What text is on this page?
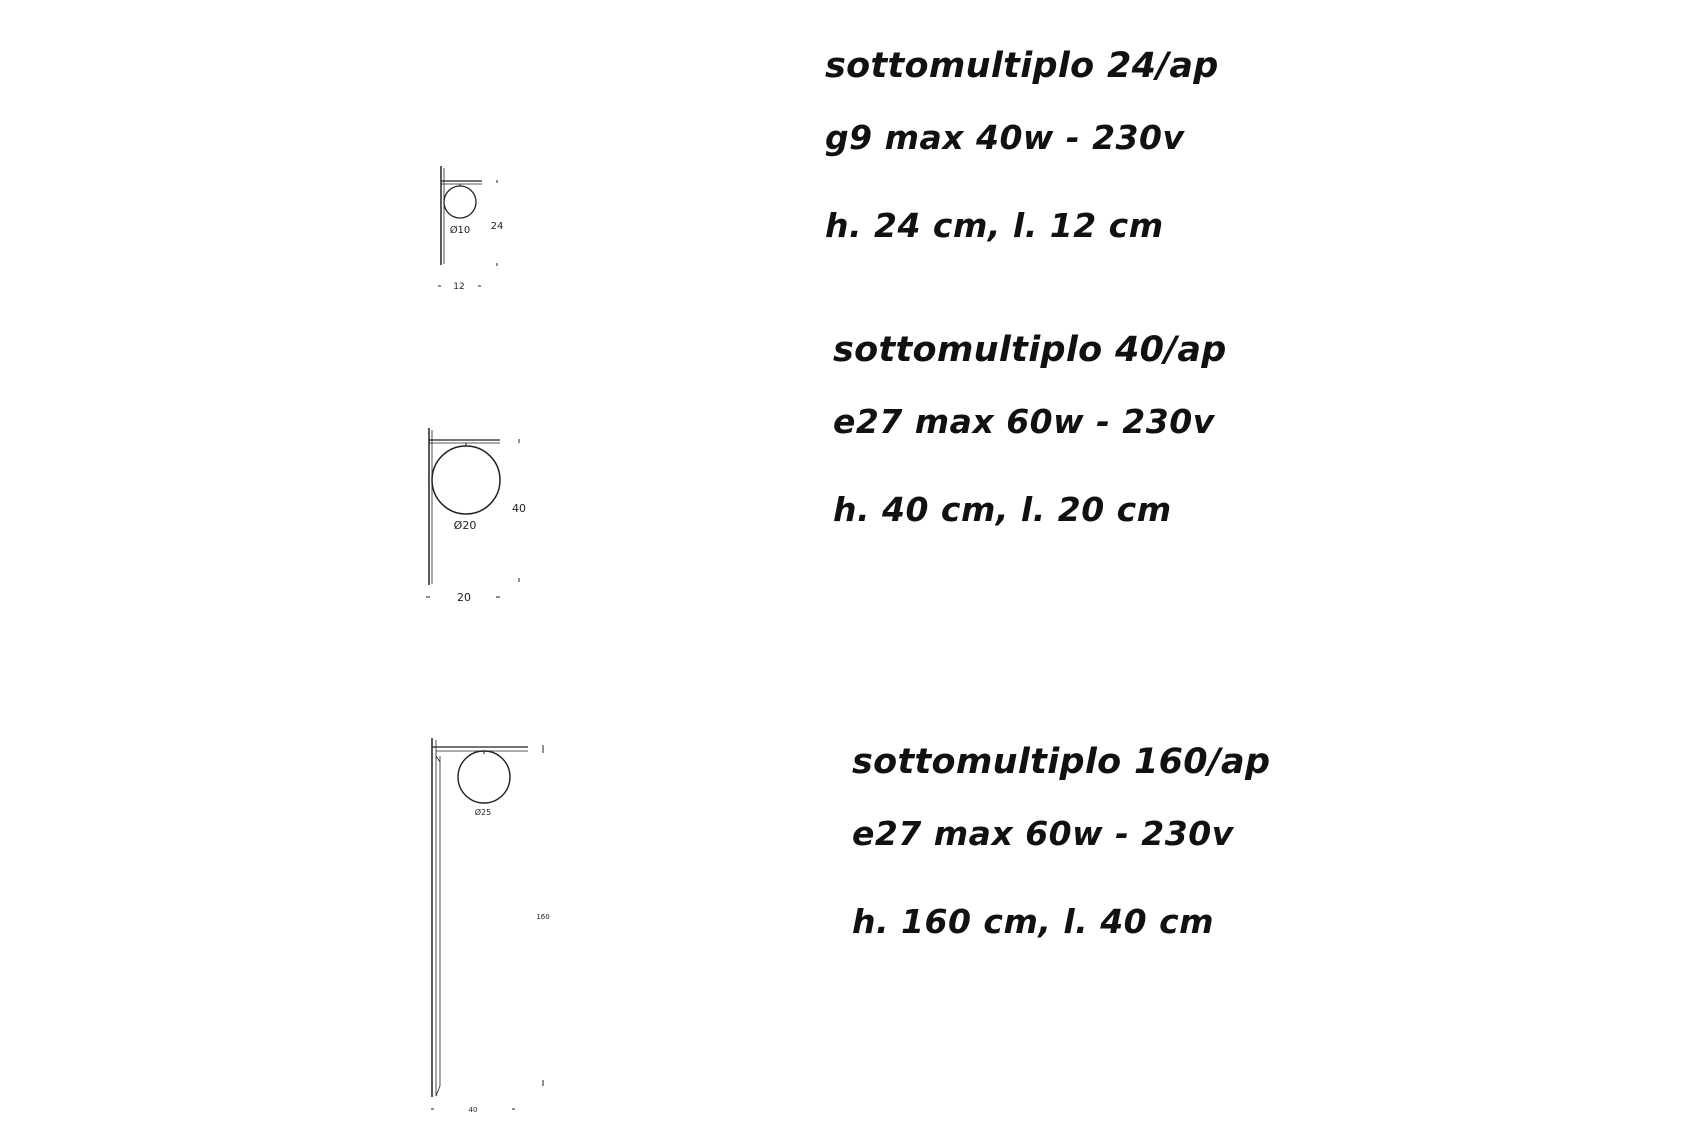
Ø10 24
12
Ø20
40
20
Ø25
160
40
sottomultiplo 24/ap
g9 max 40w - 230v
h. 24 cm, l. 12 cm
sottomultiplo 40/ap
e27 max 60w - 230v
h. 40 cm, l. 20 cm
sottomultiplo 160/ap
e27 max 60w - 230v
h. 160 cm, l. 40 cm
